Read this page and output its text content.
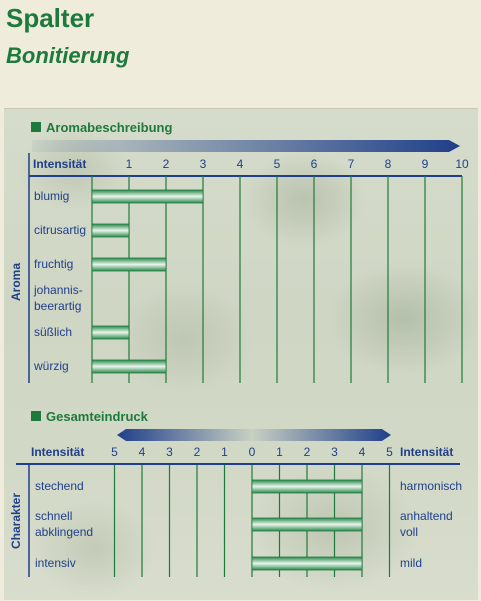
Spalter
Bonitierung
Aromabeschreibung
Intensität
Aroma
1	2	3	4	5	6	7	8	9 10
blumig
citrusartig
fruchtig
johannis-
beerartig
süßlich
würzig
Gesamteindruck
Intensität	Intensität
Charakter
5 4 3 2 1 0 1 2 3 4 5
stechend
schnell
abklingend
intensiv
harmonisch
anhaltend
voll
mild
